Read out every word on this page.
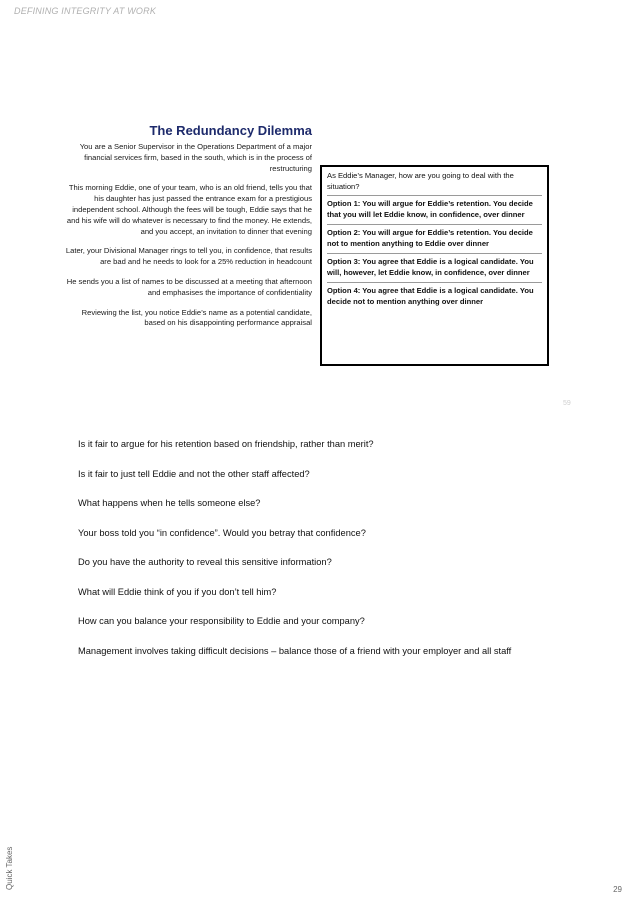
DEFINING INTEGRITY AT WORK
The Redundancy Dilemma

You are a Senior Supervisor in the Operations Department of a major financial services firm, based in the south, which is in the process of restructuring

This morning Eddie, one of your team, who is an old friend, tells you that his daughter has just passed the entrance exam for a prestigious independent school. Although the fees will be tough, Eddie says that he and his wife will do whatever is necessary to find the money. He extends, and you accept, an invitation to dinner that evening

Later, your Divisional Manager rings to tell you, in confidence, that results are bad and he needs to look for a 25% reduction in headcount

He sends you a list of names to be discussed at a meeting that afternoon and emphasises the importance of confidentiality

Reviewing the list, you notice Eddie’s name as a potential candidate, based on his disappointing performance appraisal

As Eddie’s Manager, how are you going to deal with the situation?
Option 1: You will argue for Eddie’s retention. You decide that you will let Eddie know, in confidence, over dinner
Option 2: You will argue for Eddie’s retention. You decide not to mention anything to Eddie over dinner
Option 3: You agree that Eddie is a logical candidate. You will, however, let Eddie know, in confidence, over dinner
Option 4: You agree that Eddie is a logical candidate. You decide not to mention anything over dinner
59

Is it fair to argue for his retention based on friendship, rather than merit?

Is it fair to just tell Eddie and not the other staff affected?

What happens when he tells someone else?

Your boss told you “in confidence”. Would you betray that confidence?

Do you have the authority to reveal this sensitive information?

What will Eddie think of you if you don’t tell him?

How can you balance your responsibility to Eddie and your company?

Management involves taking difficult decisions – balance those of a friend with your employer and all staff

Quick Takes	29
